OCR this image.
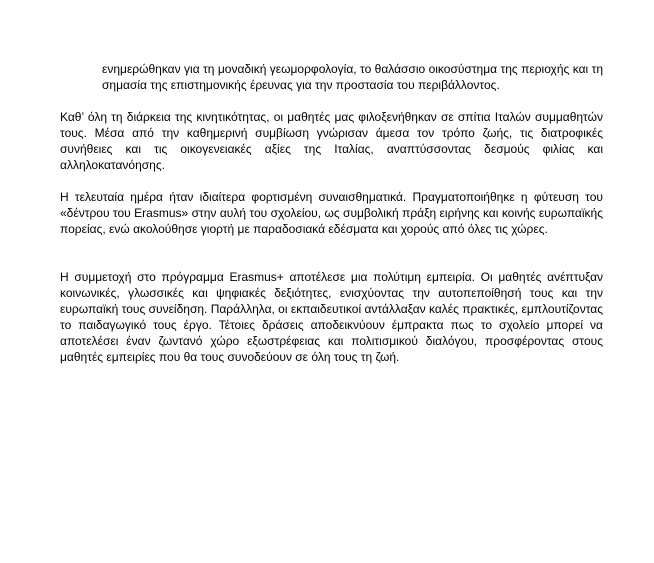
ενημερώθηκαν για τη μοναδική γεωμορφολογία, το θαλάσσιο οικοσύστημα της περιοχής και τη σημασία της επιστημονικής έρευνας για την προστασία του περιβάλλοντος.

Καθ’ όλη τη διάρκεια της κινητικότητας, οι μαθητές μας φιλοξενήθηκαν σε σπίτια Ιταλών συμμαθητών τους. Μέσα από την καθημερινή συμβίωση γνώρισαν άμεσα τον τρόπο ζωής, τις διατροφικές συνήθειες και τις οικογενειακές αξίες της Ιταλίας, αναπτύσσοντας δεσμούς φιλίας και αλληλοκατανόησης.

Η τελευταία ημέρα ήταν ιδιαίτερα φορτισμένη συναισθηματικά. Πραγματοποιήθηκε η φύτευση του «δέντρου του Erasmus» στην αυλή του σχολείου, ως συμβολική πράξη ειρήνης και κοινής ευρωπαϊκής πορείας, ενώ ακολούθησε γιορτή με παραδοσιακά εδέσματα και χορούς από όλες τις χώρες.

Η συμμετοχή στο πρόγραμμα Erasmus+ αποτέλεσε μια πολύτιμη εμπειρία. Οι μαθητές ανέπτυξαν κοινωνικές, γλωσσικές και ψηφιακές δεξιότητες, ενισχύοντας την αυτοπεποίθησή τους και την ευρωπαϊκή τους συνείδηση. Παράλληλα, οι εκπαιδευτικοί αντάλλαξαν καλές πρακτικές, εμπλουτίζοντας το παιδαγωγικό τους έργο. Τέτοιες δράσεις αποδεικνύουν έμπρακτα πως το σχολείο μπορεί να αποτελέσει έναν ζωντανό χώρο εξωστρέφειας και πολιτισμικού διαλόγου, προσφέροντας στους μαθητές εμπειρίες που θα τους συνοδεύουν σε όλη τους τη ζωή.
